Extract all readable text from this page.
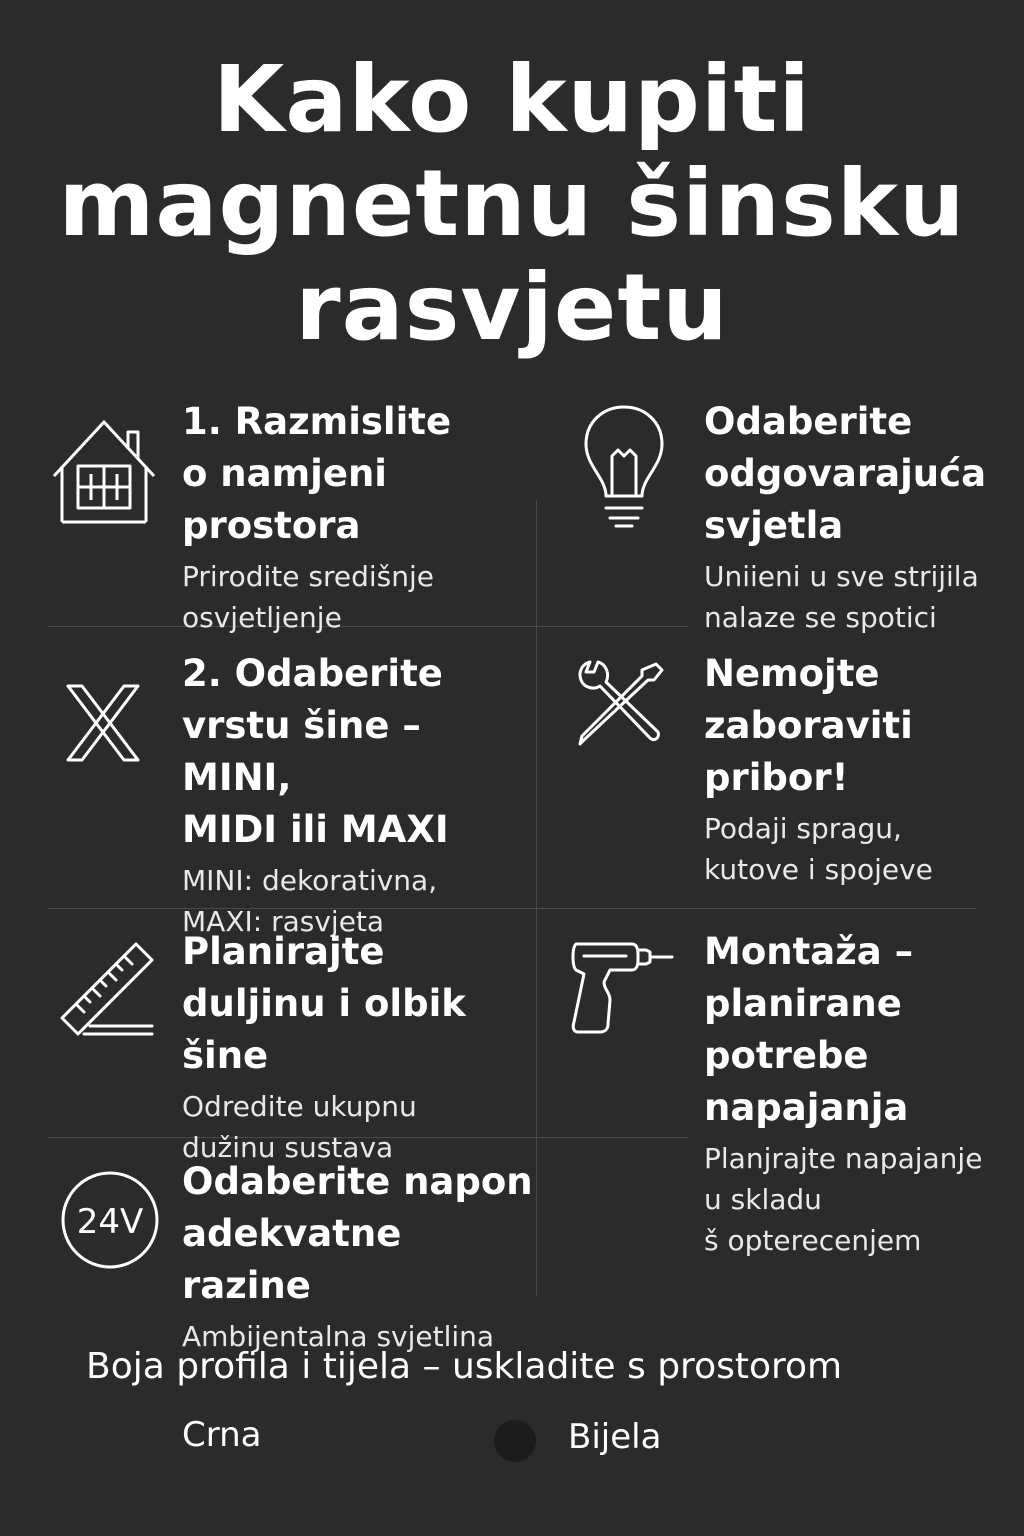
Kako kupiti
magnetnu šinsku
rasvjetu
1. Razmislite
o namjeni prostora
Prirodite središnje
osvjetljenje
Odaberite
odgovarajuća
svjetla
Uniieni u sve strijila
nalaze se spotici
2. Odaberite
vrstu šine – MINI,
MIDI ili MAXI
MINI: dekorativna,
MAXI: rasvjeta
Nemojte
zaboraviti
pribor!
Podaji spragu,
kutove i spojeve
Planirajte
duljinu i olbik šine
Odredite ukupnu
dužinu sustava
Montaža –
planirane
potrebe
napajanja
Planjrajte napajanje
u skladu
š opterecenjem
24V
Odaberite napon
adekvatne razine
Ambijentalna svjetlina
Boja profila i tijela – uskladite s prostorom
Crna	Bijela
